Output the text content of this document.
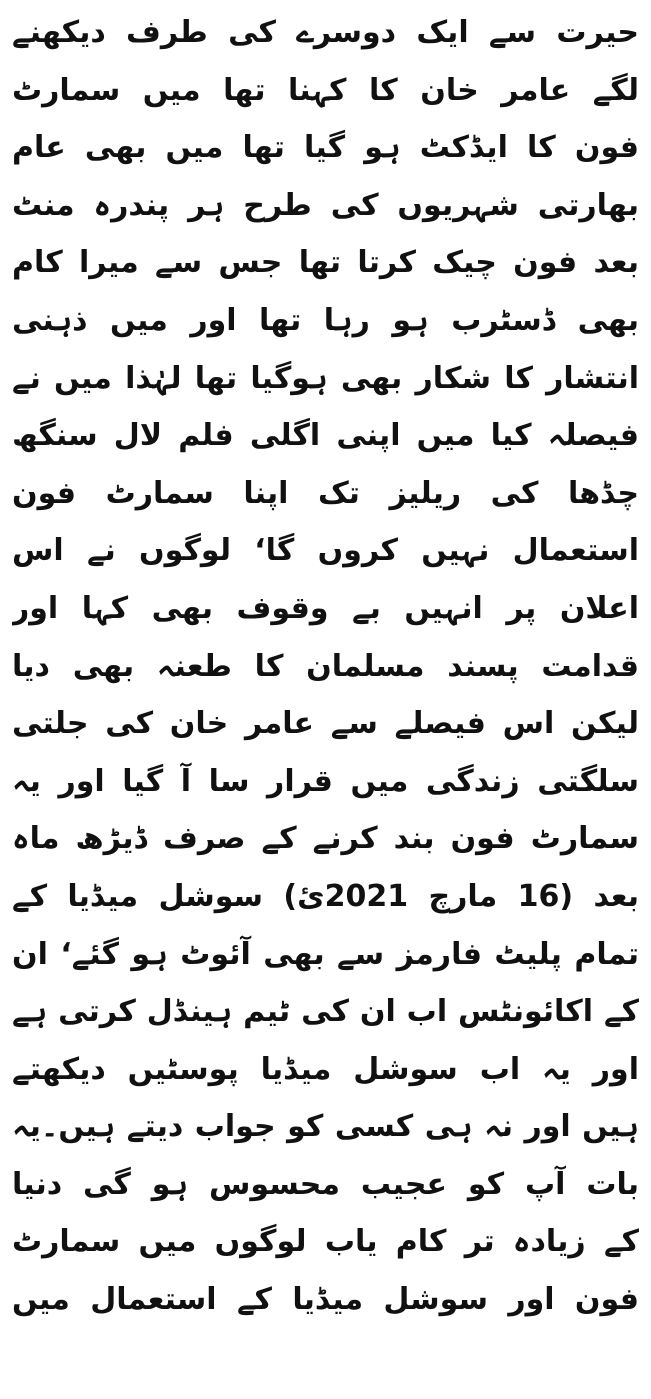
حیرت سے ایک دوسرے کی طرف دیکھنے
لگے عامر خان کا کہنا تھا میں سمارٹ
فون کا ایڈکٹ ہو گیا تھا میں بھی عام
بھارتی شہریوں کی طرح ہر پندرہ منٹ
بعد فون چیک کرتا تھا جس سے میرا کام
بھی ڈسٹرب ہو رہا تھا اور میں ذہنی
انتشار کا شکار بھی ہوگیا تھا لہٰذا میں نے
فیصلہ کیا میں اپنی اگلی فلم لال سنگھ
چڈھا کی ریلیز تک اپنا سمارٹ فون
استعمال نہیں کروں گا‘ لوگوں نے اس
اعلان پر انہیں بے وقوف بھی کہا اور
قدامت پسند مسلمان کا طعنہ بھی دیا
لیکن اس فیصلے سے عامر خان کی جلتی
سلگتی زندگی میں قرار سا آ گیا اور یہ
سمارٹ فون بند کرنے کے صرف ڈیڑھ ماہ
بعد (16 مارچ 2021ئ) سوشل میڈیا کے
تمام پلیٹ فارمز سے بھی آئوٹ ہو گئے‘ ان
کے اکائونٹس اب ان کی ٹیم ہینڈل کرتی ہے
اور یہ اب سوشل میڈیا پوسٹیں دیکھتے
ہیں اور نہ ہی کسی کو جواب دیتے ہیں۔یہ
بات آپ کو عجیب محسوس ہو گی دنیا
کے زیادہ تر کام یاب لوگوں میں سمارٹ
فون اور سوشل میڈیا کے استعمال میں
